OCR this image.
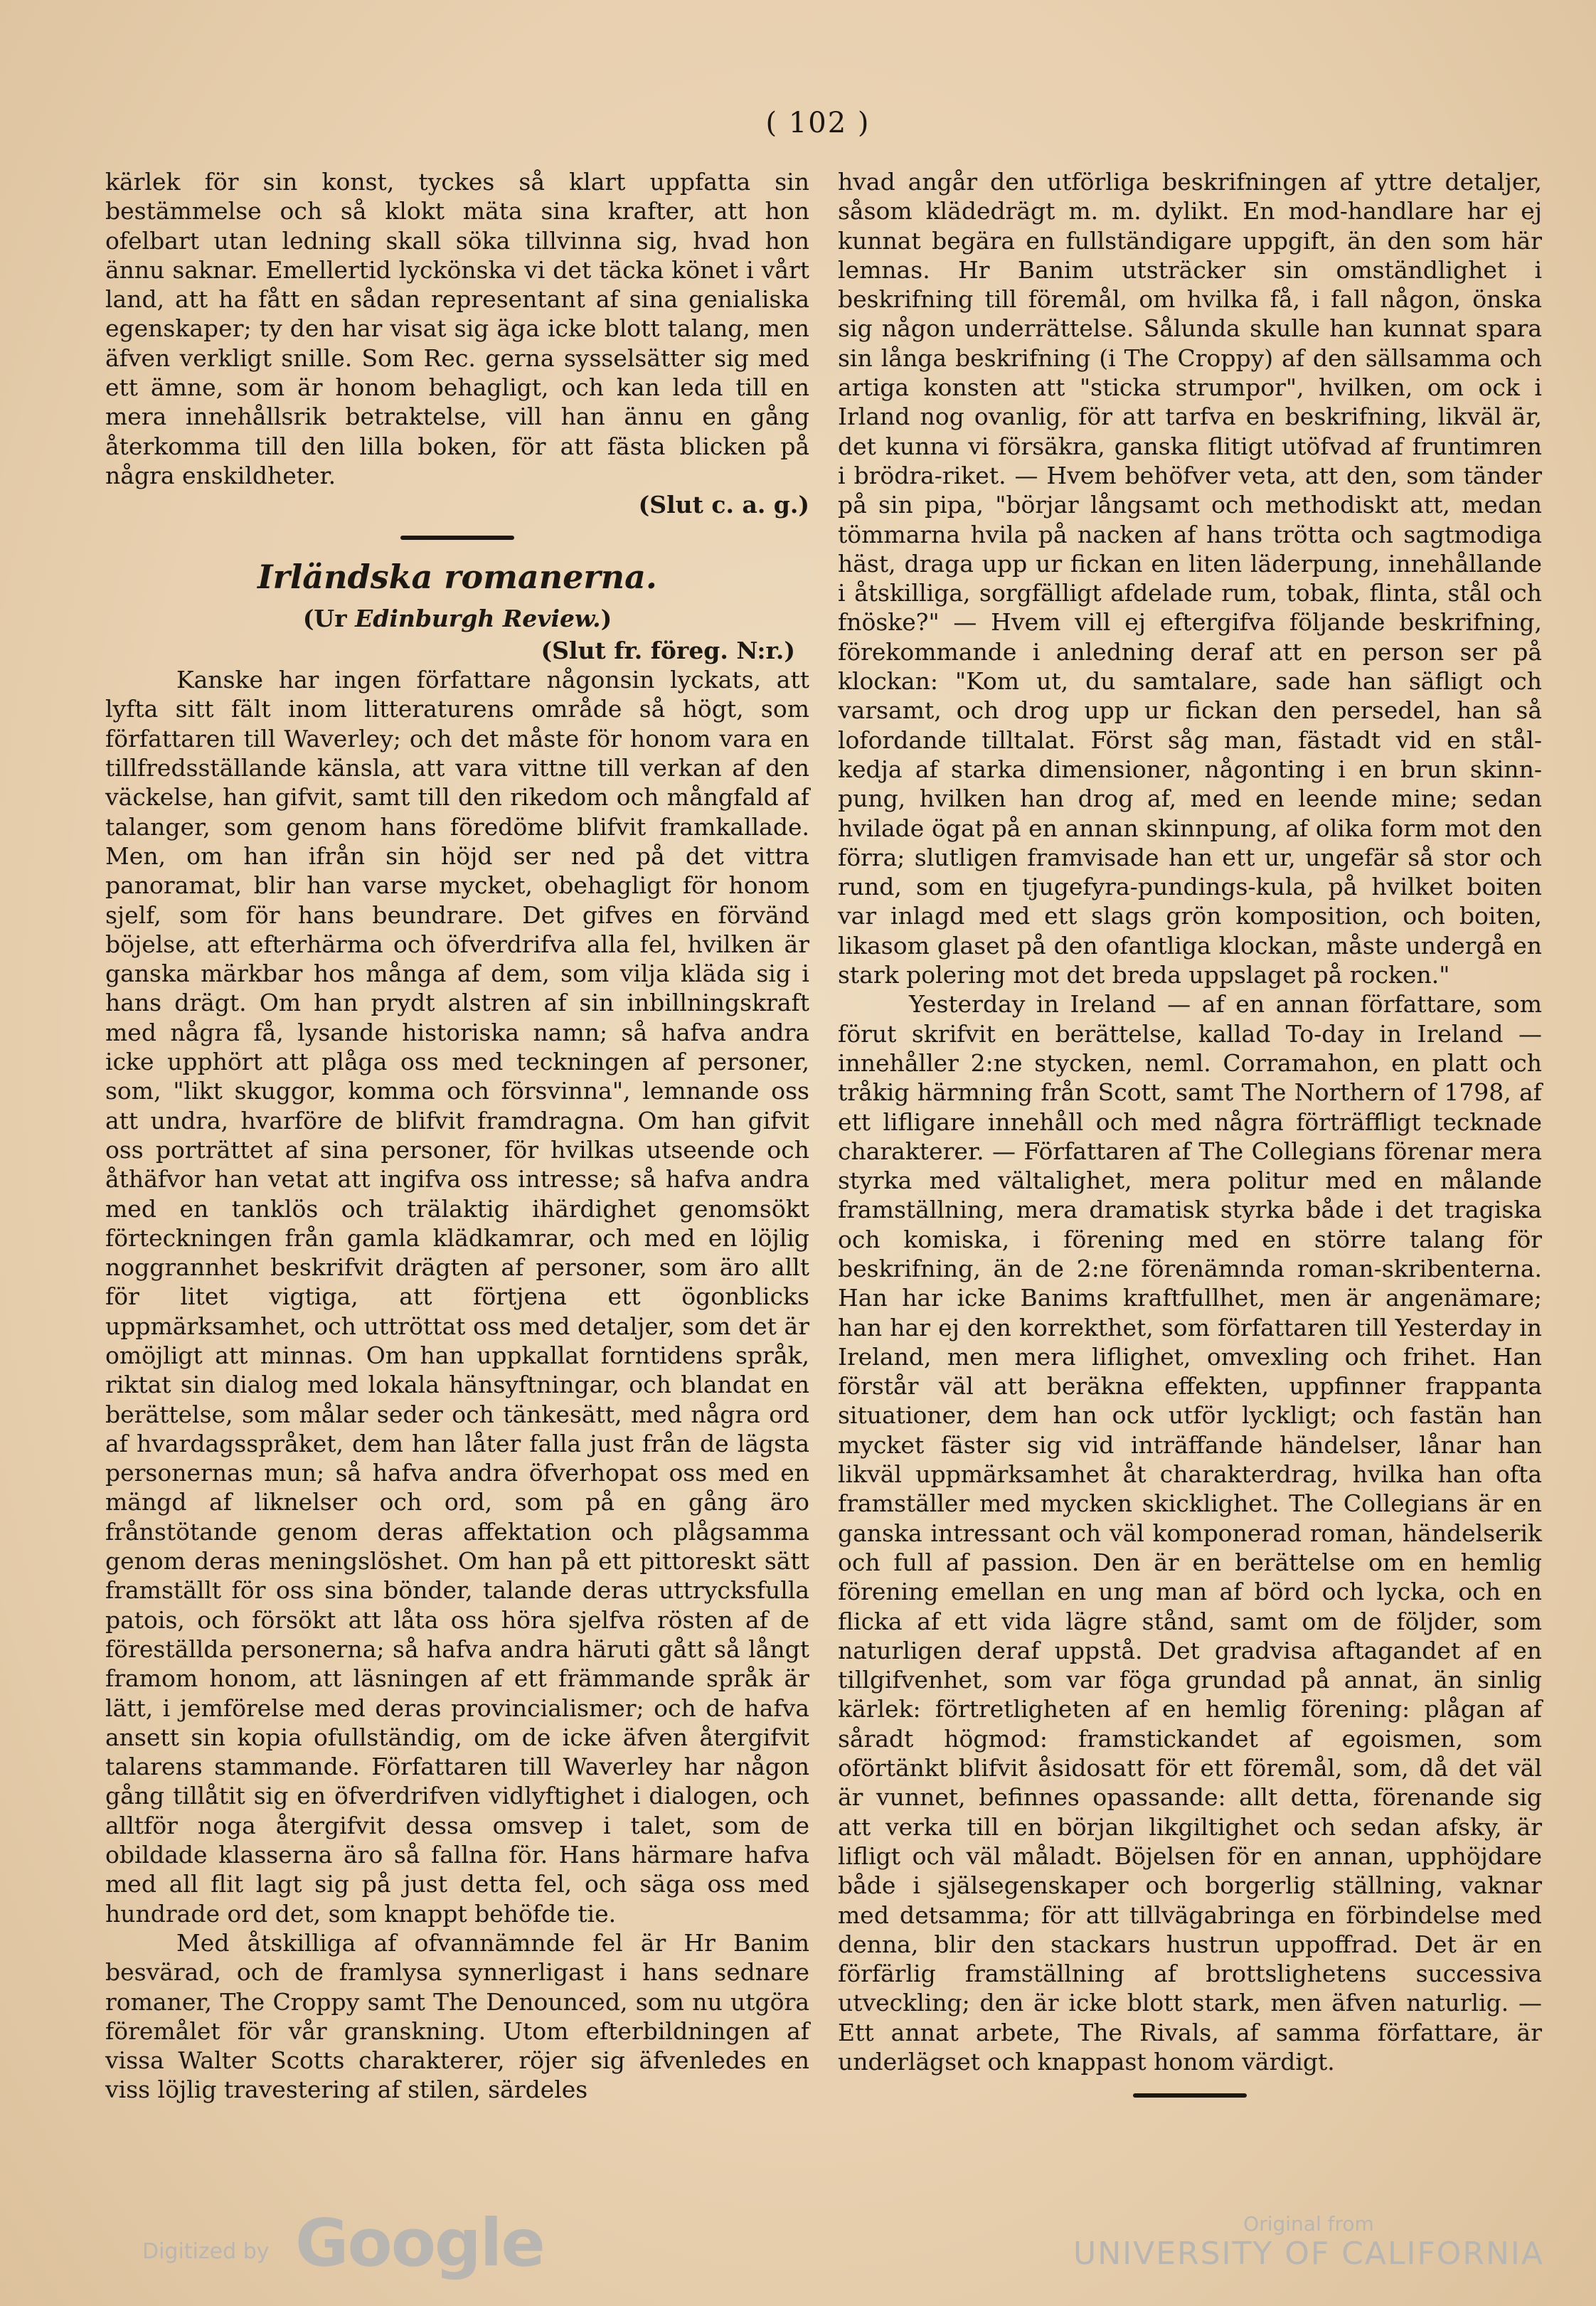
( 102 )

kärlek för sin konst, tyckes så klart uppfatta sin bestämmelse och så klokt mäta sina krafter, att hon ofelbart utan ledning skall söka tillvinna sig, hvad hon ännu saknar. Emellertid lyckönska vi det täcka könet i vårt land, att ha fått en sådan representant af sina genialiska egenskaper; ty den har visat sig äga icke blott talang, men äfven verkligt snille. Som Rec. gerna sysselsätter sig med ett ämne, som är honom behagligt, och kan leda till en mera innehållsrik betraktelse, vill han ännu en gång återkomma till den lilla boken, för att fästa blicken på några enskildheter.

(Slut c. a. g.)

Irländska romanerna.
(Ur Edinburgh Review.)

(Slut fr. föreg. N:r.)

Kanske har ingen författare någonsin lyckats, att lyfta sitt fält inom litteraturens område så högt, som författaren till Waverley; och det måste för honom vara en tillfredsställande känsla, att vara vittne till verkan af den väckelse, han gifvit, samt till den rikedom och mångfald af talanger, som genom hans föredöme blifvit framkallade. Men, om han ifrån sin höjd ser ned på det vittra panoramat, blir han varse mycket, obehagligt för honom sjelf, som för hans beundrare. Det gifves en förvänd böjelse, att efterhärma och öfverdrifva alla fel, hvilken är ganska märkbar hos många af dem, som vilja kläda sig i hans drägt. Om han prydt alstren af sin inbillningskraft med några få, lysande historiska namn; så hafva andra icke upphört att plåga oss med teckningen af personer, som, "likt skuggor, komma och försvinna", lemnande oss att undra, hvarföre de blifvit framdragna. Om han gifvit oss porträttet af sina personer, för hvilkas utseende och åthäfvor han vetat att ingifva oss intresse; så hafva andra med en tanklös och trälaktig ihärdighet genomsökt förteckningen från gamla klädkamrar, och med en löjlig noggrannhet beskrifvit drägten af personer, som äro allt för litet vigtiga, att förtjena ett ögonblicks uppmärksamhet, och uttröttat oss med detaljer, som det är omöjligt att minnas. Om han uppkallat forntidens språk, riktat sin dialog med lokala hänsyftningar, och blandat en berättelse, som målar seder och tänkesätt, med några ord af hvardagsspråket, dem han låter falla just från de lägsta personernas mun; så hafva andra öfverhopat oss med en mängd af liknelser och ord, som på en gång äro frånstötande genom deras affektation och plågsamma genom deras meningslöshet. Om han på ett pittoreskt sätt framställt för oss sina bönder, talande deras uttrycksfulla patois, och försökt att låta oss höra sjelfva rösten af de föreställda personerna; så hafva andra häruti gått så långt framom honom, att läsningen af ett främmande språk är lätt, i jemförelse med deras provincialismer; och de hafva ansett sin kopia ofullständig, om de icke äfven återgifvit talarens stammande. Författaren till Waverley har någon gång tillåtit sig en öfverdrifven vidlyftighet i dialogen, och alltför noga återgifvit dessa omsvep i talet, som de obildade klasserna äro så fallna för. Hans härmare hafva med all flit lagt sig på just detta fel, och säga oss med hundrade ord det, som knappt behöfde tie.

Med åtskilliga af ofvannämnde fel är Hr Banim besvärad, och de framlysa synnerligast i hans sednare romaner, The Croppy samt The Denounced, som nu utgöra föremålet för vår granskning. Utom efterbildningen af vissa Walter Scotts charakterer, röjer sig äfvenledes en viss löjlig travestering af stilen, särdeles

hvad angår den utförliga beskrifningen af yttre detaljer, såsom klädedrägt m. m. dylikt. En mod-handlare har ej kunnat begära en fullständigare uppgift, än den som här lemnas. Hr Banim utsträcker sin omständlighet i beskrifning till föremål, om hvilka få, i fall någon, önska sig någon underrättelse. Sålunda skulle han kunnat spara sin långa beskrifning (i The Croppy) af den sällsamma och artiga konsten att "sticka strumpor", hvilken, om ock i Irland nog ovanlig, för att tarfva en beskrifning, likväl är, det kunna vi försäkra, ganska flitigt utöfvad af fruntimren i brödra-riket. — Hvem behöfver veta, att den, som tänder på sin pipa, "börjar långsamt och methodiskt att, medan tömmarna hvila på nacken af hans trötta och sagtmodiga häst, draga upp ur fickan en liten läderpung, innehållande i åtskilliga, sorgfälligt afdelade rum, tobak, flinta, stål och fnöske?" — Hvem vill ej eftergifva följande beskrifning, förekommande i anledning deraf att en person ser på klockan: "Kom ut, du samtalare, sade han säfligt och varsamt, och drog upp ur fickan den persedel, han så lofordande tilltalat. Först såg man, fästadt vid en stål-kedja af starka dimensioner, någonting i en brun skinn-pung, hvilken han drog af, med en leende mine; sedan hvilade ögat på en annan skinnpung, af olika form mot den förra; slutligen framvisade han ett ur, ungefär så stor och rund, som en tjugefyra-pundings-kula, på hvilket boiten var inlagd med ett slags grön komposition, och boiten, likasom glaset på den ofantliga klockan, måste undergå en stark polering mot det breda uppslaget på rocken."

Yesterday in Ireland — af en annan författare, som förut skrifvit en berättelse, kallad To-day in Ireland — innehåller 2:ne stycken, neml. Corramahon, en platt och tråkig härmning från Scott, samt The Northern of 1798, af ett lifligare innehåll och med några förträffligt tecknade charakterer. — Författaren af The Collegians förenar mera styrka med vältalighet, mera politur med en målande framställning, mera dramatisk styrka både i det tragiska och komiska, i förening med en större talang för beskrifning, än de 2:ne förenämnda roman-skribenterna. Han har icke Banims kraftfullhet, men är angenämare; han har ej den korrekthet, som författaren till Yesterday in Ireland, men mera liflighet, omvexling och frihet. Han förstår väl att beräkna effekten, uppfinner frappanta situationer, dem han ock utför lyckligt; och fastän han mycket fäster sig vid inträffande händelser, lånar han likväl uppmärksamhet åt charakterdrag, hvilka han ofta framställer med mycken skicklighet. The Collegians är en ganska intressant och väl komponerad roman, händelserik och full af passion. Den är en berättelse om en hemlig förening emellan en ung man af börd och lycka, och en flicka af ett vida lägre stånd, samt om de följder, som naturligen deraf uppstå. Det gradvisa aftagandet af en tillgifvenhet, som var föga grundad på annat, än sinlig kärlek: förtretligheten af en hemlig förening: plågan af såradt högmod: framstickandet af egoismen, som oförtänkt blifvit åsidosatt för ett föremål, som, då det väl är vunnet, befinnes opassande: allt detta, förenande sig att verka till en början likgiltighet och sedan afsky, är lifligt och väl måladt. Böjelsen för en annan, upphöjdare både i själsegenskaper och borgerlig ställning, vaknar med detsamma; för att tillvägabringa en förbindelse med denna, blir den stackars hustrun uppoffrad. Det är en förfärlig framställning af brottslighetens successiva utveckling; den är icke blott stark, men äfven naturlig. — Ett annat arbete, The Rivals, af samma författare, är underlägset och knappast honom värdigt.

Digitized by Google	Original from
UNIVERSITY OF CALIFORNIA
